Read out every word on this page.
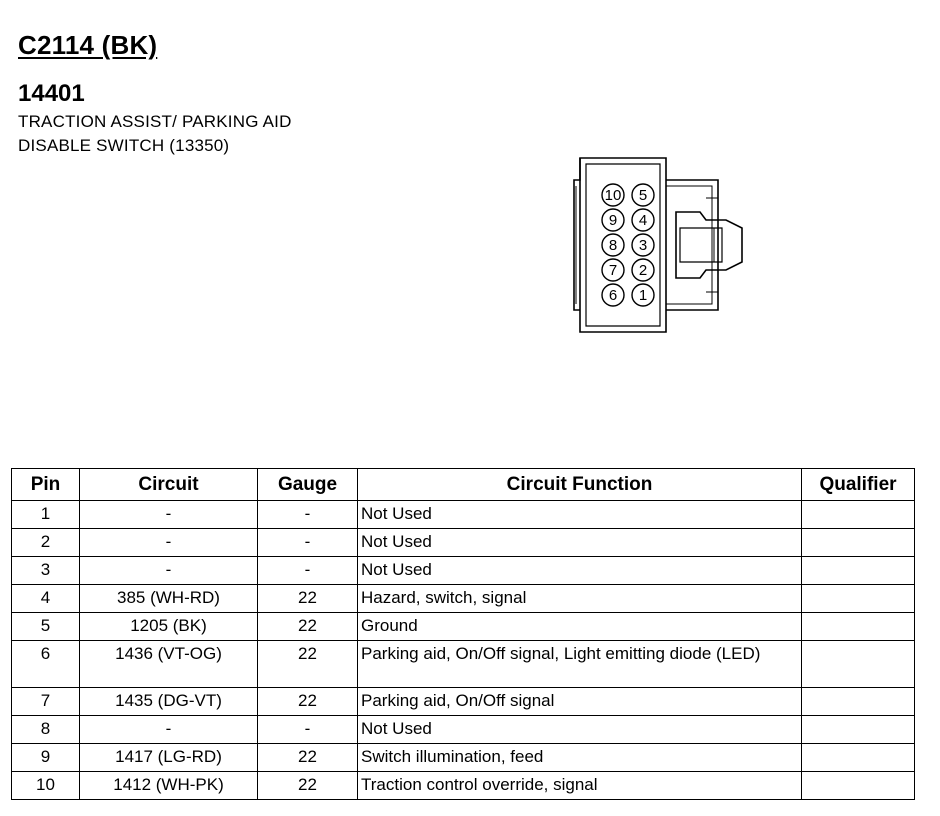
C2114 (BK)
14401
TRACTION ASSIST/ PARKING AID
DISABLE SWITCH (13350)
10
9
8
7
6
5
4
3
2
1
Pin	Circuit	Gauge	Circuit Function	Qualifier
1	-	-	Not Used	
2	-	-	Not Used	
3	-	-	Not Used	
4	385 (WH-RD)	22	Hazard, switch, signal	
5	1205 (BK)	22	Ground	
6	1436 (VT-OG)	22	Parking aid, On/Off signal, Light emitting diode (LED)	
7	1435 (DG-VT)	22	Parking aid, On/Off signal	
8	-	-	Not Used	
9	1417 (LG-RD)	22	Switch illumination, feed	
10	1412 (WH-PK)	22	Traction control override, signal	
